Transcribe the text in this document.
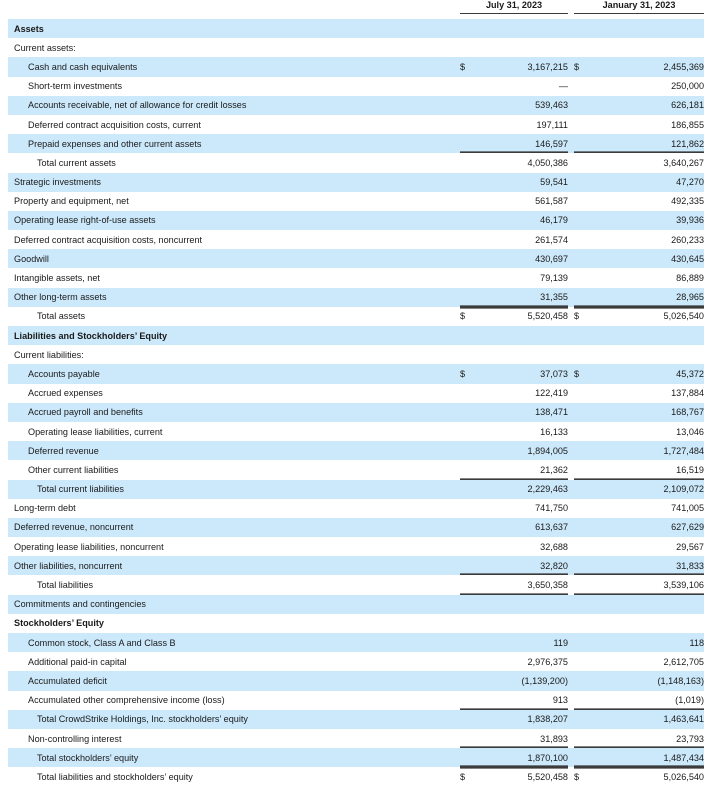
	July 31, 2023			January 31, 2023	

Assets					
Current assets:					
Cash and cash equivalents	$	3,167,215		$	2,455,369
Short-term investments		—			250,000
Accounts receivable, net of allowance for credit losses		539,463			626,181
Deferred contract acquisition costs, current		197,111			186,855
Prepaid expenses and other current assets		146,597			121,862
Total current assets		4,050,386			3,640,267
Strategic investments		59,541			47,270
Property and equipment, net		561,587			492,335
Operating lease right-of-use assets		46,179			39,936
Deferred contract acquisition costs, noncurrent		261,574			260,233
Goodwill		430,697			430,645
Intangible assets, net		79,139			86,889
Other long-term assets		31,355			28,965
Total assets	$	5,520,458		$	5,026,540
Liabilities and Stockholders’ Equity					
Current liabilities:					
Accounts payable	$	37,073		$	45,372
Accrued expenses		122,419			137,884
Accrued payroll and benefits		138,471			168,767
Operating lease liabilities, current		16,133			13,046
Deferred revenue		1,894,005			1,727,484
Other current liabilities		21,362			16,519
Total current liabilities		2,229,463			2,109,072
Long-term debt		741,750			741,005
Deferred revenue, noncurrent		613,637			627,629
Operating lease liabilities, noncurrent		32,688			29,567
Other liabilities, noncurrent		32,820			31,833
Total liabilities		3,650,358			3,539,106
Commitments and contingencies					
Stockholders’ Equity					
Common stock, Class A and Class B		119			118
Additional paid-in capital		2,976,375			2,612,705
Accumulated deficit		(1,139,200)			(1,148,163)
Accumulated other comprehensive income (loss)		913			(1,019)
Total CrowdStrike Holdings, Inc. stockholders’ equity		1,838,207			1,463,641
Non-controlling interest		31,893			23,793
Total stockholders’ equity		1,870,100			1,487,434
Total liabilities and stockholders’ equity	$	5,520,458		$	5,026,540
